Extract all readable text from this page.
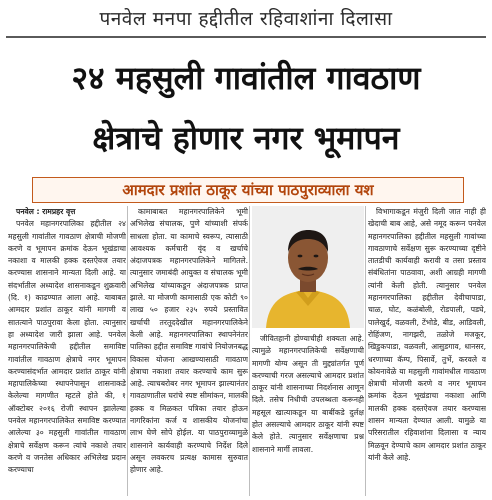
पनवेल मनपा हद्दीतील रहिवाशांना दिलासा
२४ महसुली गावांतील गावठाण
क्षेत्राचे होणार नगर भूमापन
आमदार प्रशांत ठाकूर यांच्या पाठपुराव्याला यश

पनवेल : रामप्रहर वृत्त

पनवेल महानगरपालिका हद्दीतील २४ महसुली गावांतील गावठाण क्षेत्राची मोजणी करणे व भूमापन क्रमांक देऊन भूखंडाचा नकाशा व मालकी हक्क दस्तऐवज तयार करण्यास शासनाने मान्यता दिली आहे. या संदर्भातील अध्यादेश शासनाकडून शुक्रवारी (दि. १) काढण्यात आला आहे. याबाबत आमदार प्रशांत ठाकूर यांनी मागणी व सातत्याने पाठपुरावा केला होता. त्यानुसार हा अध्यादेश जारी झाला आहे. पनवेल महानगरपालिकेची हद्दीतील समाविष्ट गावांतील गावठाण क्षेत्राचे नगर भूमापन करण्यासंदर्भात आमदार प्रशांत ठाकूर यांनी महापालिकेच्या स्थापनेपासून शासनाकडे केलेल्या मागणीत म्हटले होते की, १ ऑक्टोबर २०१६ रोजी स्थापन झालेल्या पनवेल महानगरपालिकेत समाविष्ट करण्यात आलेल्या ३० महसुली गावांतील गावठाण क्षेत्राचे सर्वेक्षण करून त्यांचे नकाशे तयार करणे व जनतेस अधिकार अभिलेख प्रदान करण्याचा

कामाबाबत महानगरपालिकेने भूमी अभिलेख संचालक, पुणे यांच्याशी संपर्क साधला होता. या कामाचे स्वरूप, त्यासाठी आवश्यक कर्मचारी वृंद व खर्चाचे अंदाजपत्रक महानगरपालिकेने मागितले. त्यानुसार जमाबंदी आयुक्त व संचालक भूमी अभिलेख यांच्याकडून अंदाजपत्रक प्राप्त झाले. या मोजणी कामासाठी एक कोटी ९० लाख ५० हजार २३५ रुपये प्रस्तावित खर्चाची तरतूददेखील महानगरपालिकेने केली आहे. महानगरपालिका स्थापनेनंतर पालिका हद्दीत समाविष्ट गावांचे नियोजनबद्ध विकास योजना आखण्यासाठी गावठाण क्षेत्राचा नकाशा तयार करण्याचे काम सुरू आहे. त्याचबरोबर नगर भूमापन झाल्यानंतर गावठाणातील घरांचे स्पष्ट सीमांकन, मालकी हक्क व मिळकत पत्रिका तयार होऊन नागरिकांना कर्ज व शासकीय योजनांचा लाभ घेणे सोपे होईल. या पाठपुराव्यामुळे शासनाने कार्यवाही करण्याचे निर्देश दिले असून लवकरच प्रत्यक्ष कामास सुरुवात होणार आहे.

जीवितहानी होण्याचीही शक्यता आहे. त्यामुळे महानगरपालिकेची सर्वेक्षणाची मागणी योग्य असून ती मुद्द्यांतर्गत पूर्ण करण्याची गरज असल्याचे आमदार प्रशांत ठाकूर यांनी शासनाच्या निदर्शनास आणून दिले. तसेच निधीची उपलब्धता करूनही महसूल खात्याकडून या बाबींकडे दुर्लक्ष होत असल्याचे आमदार ठाकूर यांनी स्पष्ट केले होते. त्यानुसार सर्वेक्षणाचा प्रश्न शासनाने मार्गी लावला.

विभागाकडून मंजुरी दिली जात नाही ही खेदाची बाब आहे, असे नमूद करून पनवेल महानगरपालिका हद्दीतील महसुली गावांच्या गावठाणाचे सर्वेक्षण सुरू करण्याच्या दृष्टीने तातडीची कार्यवाही करावी व तसा प्रस्ताव संबंधितांना पाठवावा, अशी आग्रही मागणी त्यांनी केली होती. त्यानुसार पनवेल महानगरपालिका हद्दीतील देवीचापाडा, चाळ, घोट, कळंबोली, रोडपाली, पडघे, पालेखुर्द, वळवली, टेंभोडे, बीड, आडिवली, रोहिंजण, नागझरी, तळोजे मजकूर, खिडुकपाडा, वळवली, आसुडगाव, धानसर, धरणाच्या कॅम्प, पिसार्वे, तुर्भे, करवले व कोयनावेळे या महसुली गावांमधील गावठाण क्षेत्राची मोजणी करणे व नगर भूमापन क्रमांक देऊन भूखंडाचा नकाशा आणि मालकी हक्क दस्तऐवज तयार करण्यास शासन मान्यता देण्यात आली. यामुळे या परिसरातील रहिवाशांना दिलासा व न्याय मिळवून देण्याचे काम आमदार प्रशांत ठाकूर यांनी केले आहे.
